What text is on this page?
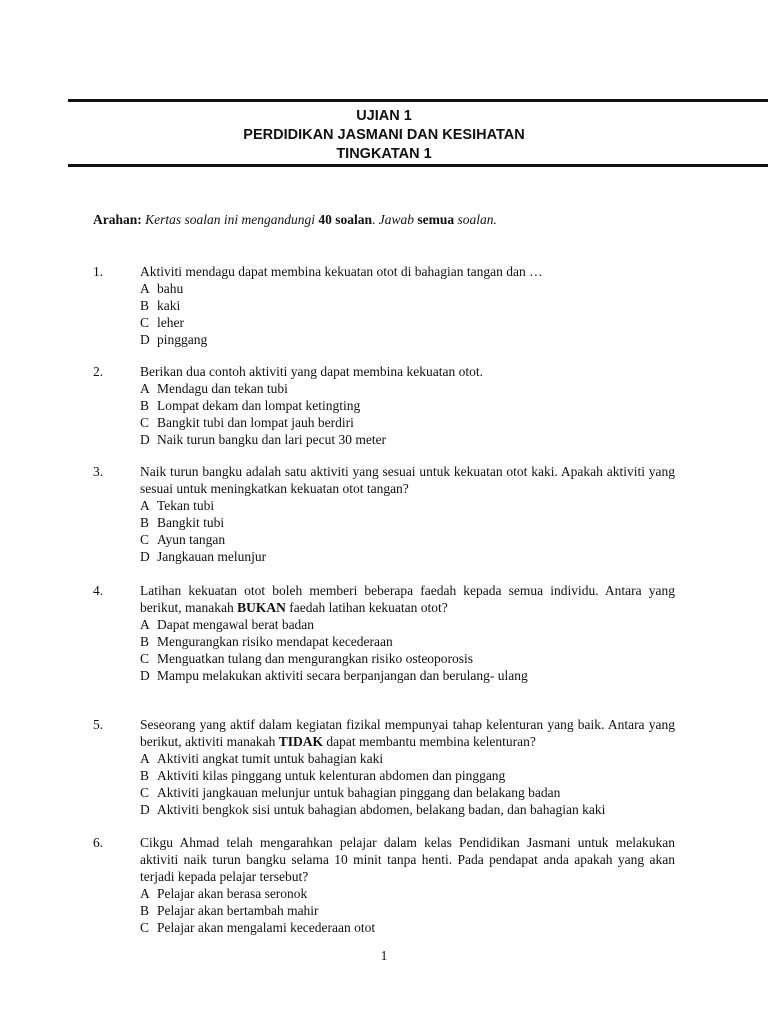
UJIAN 1
PERDIDIKAN JASMANI DAN KESIHATAN
TINGKATAN 1
Arahan: Kertas soalan ini mengandungi 40 soalan. Jawab semua soalan.
1.	Aktiviti mendagu dapat membina kekuatan otot di bahagian tangan dan …
A bahu
B kaki
C leher
D pinggang
2.	Berikan dua contoh aktiviti yang dapat membina kekuatan otot.
A Mendagu dan tekan tubi
B Lompat dekam dan lompat ketingting
C Bangkit tubi dan lompat jauh berdiri
D Naik turun bangku dan lari pecut 30 meter
3.	Naik turun bangku adalah satu aktiviti yang sesuai untuk kekuatan otot kaki. Apakah aktiviti yang sesuai untuk meningkatkan kekuatan otot tangan?
A Tekan tubi
B Bangkit tubi
C Ayun tangan
D Jangkauan melunjur
4.	Latihan kekuatan otot boleh memberi beberapa faedah kepada semua individu. Antara yang berikut, manakah BUKAN faedah latihan kekuatan otot?
A Dapat mengawal berat badan
B Mengurangkan risiko mendapat kecederaan
C Menguatkan tulang dan mengurangkan risiko osteoporosis
D Mampu melakukan aktiviti secara berpanjangan dan berulang- ulang
5.	Seseorang yang aktif dalam kegiatan fizikal mempunyai tahap kelenturan yang baik. Antara yang berikut, aktiviti manakah TIDAK dapat membantu membina kelenturan?
A Aktiviti angkat tumit untuk bahagian kaki
B Aktiviti kilas pinggang untuk kelenturan abdomen dan pinggang
C Aktiviti jangkauan melunjur untuk bahagian pinggang dan belakang badan
D Aktiviti bengkok sisi untuk bahagian abdomen, belakang badan, dan bahagian kaki
6.	Cikgu Ahmad telah mengarahkan pelajar dalam kelas Pendidikan Jasmani untuk melakukan aktiviti naik turun bangku selama 10 minit tanpa henti. Pada pendapat anda apakah yang akan terjadi kepada pelajar tersebut?
A Pelajar akan berasa seronok
B Pelajar akan bertambah mahir
C Pelajar akan mengalami kecederaan otot
1
